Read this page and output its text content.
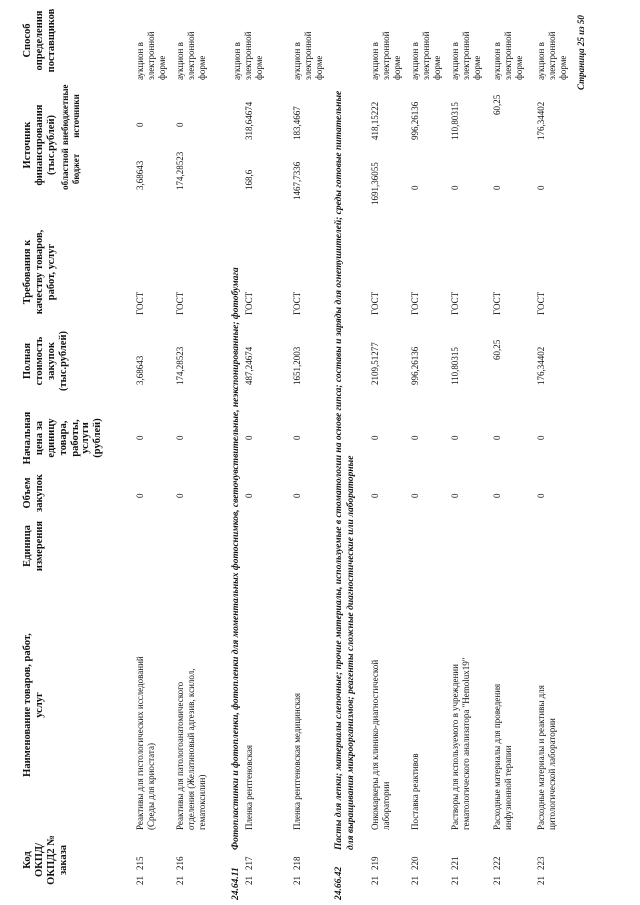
Код ОКПД/ ОКПД2 № заказа
Наименование товаров, работ, услуг
Единица измерения
Объем закупок
Начальная цена за единицу товара, работы, услуги (рублей)
Полная стоимость закупок (тыс.рублей)
Требования к качеству товаров, работ, услуг
Источник финансирования (тыс.рублей) областной бюджет
внебюджетные источники
Способ определения поставщиков
21
215
Реактивы для гистологических исследований (Среды для криостата)
0
0
3,68643
ГОСТ
3,68643
0
аукцион в электронной форме
21
216
Реактивы для патологоанатомического отделения (Желатиновый адгезив, ксилол, гематоксилин)
0
0
174,28523
ГОСТ
174,28523
0
аукцион в электронной форме
24.64.11
Фотопластинки и фотопленки, фотопленки для моментальных фотоснимков, светочувствительные, неэкспонированные; фотобумага
21
217
Пленка рентгеновская
0
0
487,24674
ГОСТ
168,6
318,64674
аукцион в электронной форме
21
218
Пленка рентгеновская медицинская
0
0
1651,2003
ГОСТ
1467,7336
183,4667
аукцион в электронной форме
24.66.42
Пасты для лепки; материалы слепочные; прочие материалы, используемые в стоматологии на основе гипса; составы и заряды для огнетушителей; среды готовые питательные для выращивания микроорганизмов; реагенты сложные диагностические или лабораторные
21
219
Онкомаркеры для клинико-диагностической лаборатории
0
0
2109,51277
ГОСТ
1691,36055
418,15222
аукцион в электронной форме
21
220
Поставка реактивов
0
0
996,26136
ГОСТ
0
996,26136
аукцион в электронной форме
21
221
Растворы для используемого в учреждении гематологического анализатора "Hemolux19"
0
0
110,80315
ГОСТ
0
110,80315
аукцион в электронной форме
21
222
Расходные материалы для проведения инфузионной терапии
0
0
60,25
ГОСТ
0
60,25
аукцион в электронной форме
21
223
Расходные материалы и реактивы для цитологической лаборатории
0
0
176,34402
ГОСТ
0
176,34402
аукцион в электронной форме Страница 25 из 50
